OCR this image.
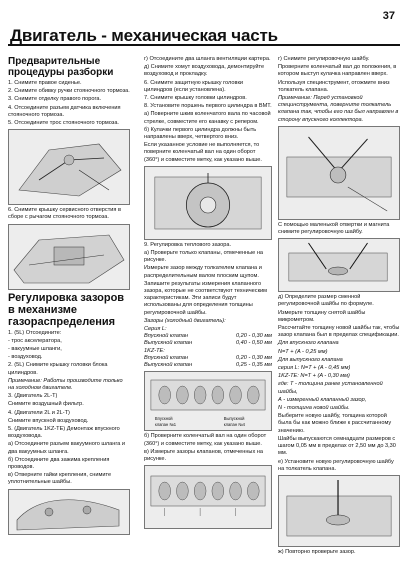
37
Двигатель - механическая часть
Предварительные процедуры разборки
1. Снимите правое сиденье.
2. Снимите обивку ручки стояночного тормоза.
3. Снимите отделку правого порога.
4. Отсоедините разъем датчика включения стояночного тормоза.
5. Отсоедините трос стояночного тормоза.
6. Снимите крышку сервисного отверстия в сборе с рычагом стояночного тормоза.
Регулировка зазоров в механизме газораспределения
1. (5L) Отсоедините:
- трос акселератора,
- вакуумные шланги,
- воздуховод.
2. (5L) Снимите крышку головки блока цилиндров.
Примечание: Работы производите только на холодном двигателе.
3. (Двигатель 2L-T)
Снимите воздушный фильтр.
4. (Двигатели 2L и 2L-T)
Снимите впускной воздуховод.
5. (Двигатель 1KZ-TE) Демонтаж впускного воздуховода.
а) Отсоедините разъем вакуумного шланга и два вакуумных шланга.
б) Отсоедините два зажима крепления проводов.
в) Отверните гайки крепления, снимите уплотнительные шайбы.
г) Отсоедините два шланга вентиляции картера.
д) Снимите хомут воздуховода, демонтируйте воздуховод и прокладку.
6. Снимите защитную крышку головки цилиндров (если установлена).
7. Снимите крышку головки цилиндров.
8. Установите поршень первого цилиндра в ВМТ.
а) Поверните шкив коленчатого вала по часовой стрелке, совместите его канавку с репером.
б) Кулачки первого цилиндра должны быть направлены вверх, четвертого вниз.
Если указанное условие не выполняется, то поверните коленчатый вал на один оборот (360°) и совместите метку, как указано выше.
9. Регулировка теплового зазора.
а) Проверьте только клапаны, отмеченные на рисунке.
Измерьте зазор между толкателем клапана и распределительным валом плоским щупом.
Запишите результаты измерения клапанного зазора, которые не соответствуют техническим характеристикам. Эти записи будут использованы для определения толщины регулировочной шайбы.
Зазоры (холодный двигатель):
Серия L:
Впускной клапан	0,20 - 0,30 мм
Выпускной клапан	0,40 - 0,50 мм
1KZ-TE:
Впускной клапан	0,20 - 0,30 мм
Выпускной клапан	0,25 - 0,35 мм
Впускной
клапан №1
Выпускной
клапан №4
б) Проверните коленчатый вал на один оборот (360°) и совместите метку, как указано выше.
в) Измерьте зазоры клапанов, отмеченных на рисунке.
г) Снимите регулировочную шайбу.
Проверните коленчатый вал до положения, в котором выступ кулачка направлен вверх.
Используя специнструмент, отожмите вниз толкатель клапана.
Примечание: Перед установкой специнструмента, поверните толкатель клапана так, чтобы его паз был направлен в сторону впускного коллектора.
С помощью маленькой отвертки и магнита снимите регулировочную шайбу.
д) Определите размер сменной регулировочной шайбы по формуле.
Измерьте толщину снятой шайбы микрометром.
Рассчитайте толщину новой шайбы так, чтобы зазор клапана был в пределах спецификации.
Для впускного клапана
N=T + (A - 0,25 мм)
Для выпускного клапана
серия L: N=T + (A - 0,45 мм)
1KZ-TE: N=T + (A - 0,30 мм)
где: Т - толщина ранее установленной шайбы,
А - измеренный клапанный зазор,
N - толщина новой шайбы.
Выберите новую шайбу, толщина которой была бы как можно ближе к рассчитанному значению.
Шайбы выпускаются семнадцати размеров с шагом 0,05 мм в пределах от 2,50 мм до 3,30 мм.
е) Установите новую регулировочную шайбу на толкатель клапана.
ж) Повторно проверьте зазор.
